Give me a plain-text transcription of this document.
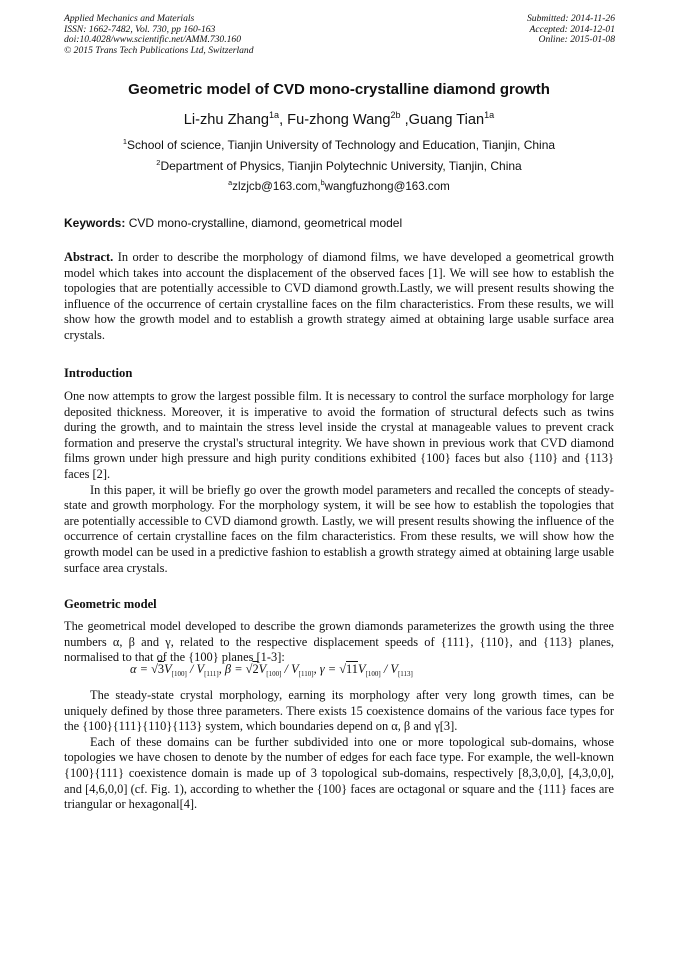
Applied Mechanics and Materials
ISSN: 1662-7482, Vol. 730, pp 160-163
doi:10.4028/www.scientific.net/AMM.730.160
© 2015 Trans Tech Publications Ltd, Switzerland
Submitted: 2014-11-26
Accepted: 2014-12-01
Online: 2015-01-08
Geometric model of CVD mono-crystalline diamond growth
Li-zhu Zhang$^{1a}$, Fu-zhong Wang$^{2b}$ ,Guang Tian$^{1a}$
$^1$School of science, Tianjin University of Technology and Education, Tianjin, China
$^2$Department of Physics, Tianjin Polytechnic University, Tianjin, China
$^a$zlzjcb@163.com,$^b$wangfuzhong@163.com
Keywords: CVD mono-crystalline, diamond, geometrical model

Abstract. In order to describe the morphology of diamond films, we have developed a geometrical growth model which takes into account the displacement of the observed faces [1]. We will see how to establish the topologies that are potentially accessible to CVD diamond growth.Lastly, we will present results showing the influence of the occurrence of certain crystalline faces on the film characteristics. From these results, we will show how the growth model and to establish a growth strategy aimed at obtaining large usable surface area crystals.

Introduction

One now attempts to grow the largest possible film. It is necessary to control the surface morphology for large deposited thickness. Moreover, it is imperative to avoid the formation of structural defects such as twins during the growth, and to maintain the stress level inside the crystal at manageable values to prevent crack formation and preserve the crystal's structural integrity. We have shown in previous work that CVD diamond films grown under high pressure and high purity conditions exhibited {100} faces but also {110} and {113} faces [2].

In this paper, it will be briefly go over the growth model parameters and recalled the concepts of steady-state and growth morphology. For the morphology system, it will be see how to establish the topologies that are potentially accessible to CVD diamond growth. Lastly, we will present results showing the influence of the occurrence of certain crystalline faces on the film characteristics. From these results, we will show how the growth model can be used in a predictive fashion to establish a growth strategy aimed at obtaining large usable surface area crystals.

Geometric model

The geometrical model developed to describe the grown diamonds parameterizes the growth using the three numbers α, β and γ, related to the respective displacement speeds of {111}, {110}, and {113} planes, normalised to that of the {100} planes [1-3]:

$\alpha = √3V_{[100]} / V_{[111]}$, $\beta = √2V_{[100]} / V_{[110]}$, $\gamma = √11V_{[100]} / V_{[113]}$

The steady-state crystal morphology, earning its morphology after very long growth times, can be uniquely defined by those three parameters. There exists 15 coexistence domains of the various face types for the {100}{111}{110}{113} system, which boundaries depend on α, β and γ[3].

Each of these domains can be further subdivided into one or more topological sub-domains, whose topologies we have chosen to denote by the number of edges for each face type. For example, the well-known {100}{111} coexistence domain is made up of 3 topological sub-domains, respectively [8,3,0,0], [4,3,0,0], and [4,6,0,0] (cf. Fig. 1), according to whether the {100} faces are octagonal or square and the {111} faces are triangular or hexagonal[4].
